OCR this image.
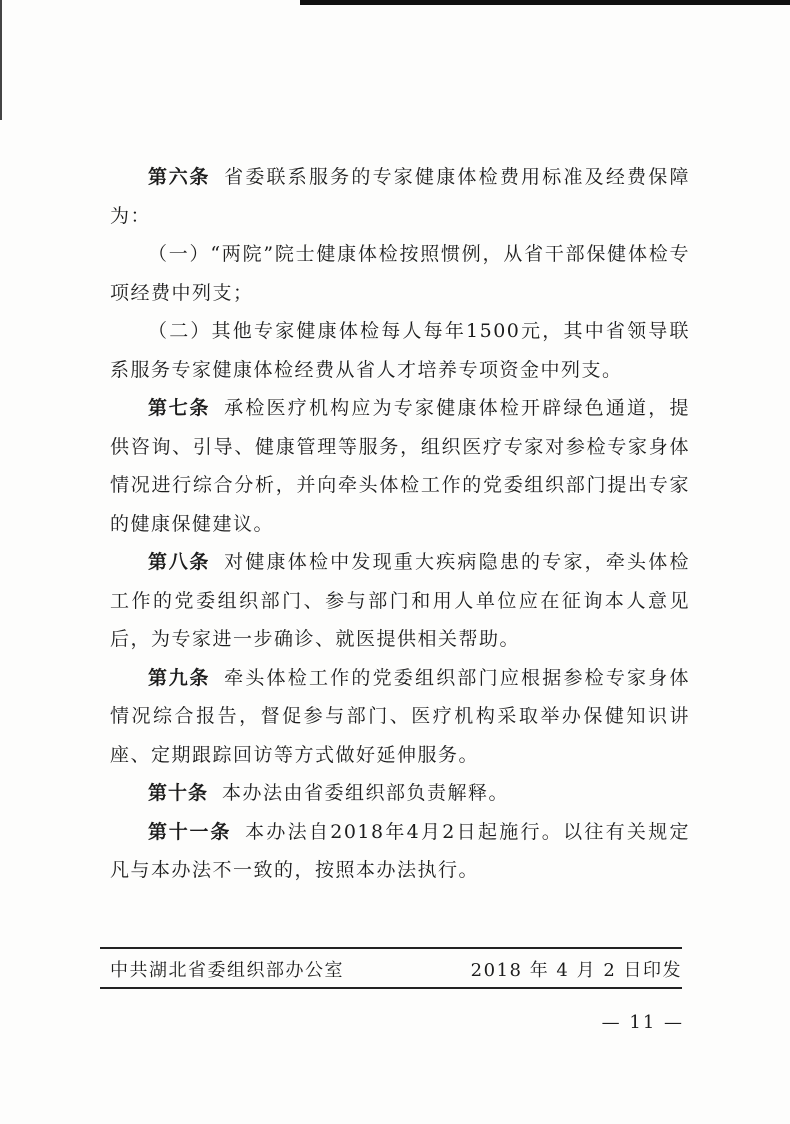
第六条 省委联系服务的专家健康体检费用标准及经费保障为：

（一）“两院”院士健康体检按照惯例，从省干部保健体检专项经费中列支；

（二）其他专家健康体检每人每年1500元，其中省领导联系服务专家健康体检经费从省人才培养专项资金中列支。

第七条 承检医疗机构应为专家健康体检开辟绿色通道，提供咨询、引导、健康管理等服务，组织医疗专家对参检专家身体情况进行综合分析，并向牵头体检工作的党委组织部门提出专家的健康保健建议。

第八条 对健康体检中发现重大疾病隐患的专家，牵头体检工作的党委组织部门、参与部门和用人单位应在征询本人意见后，为专家进一步确诊、就医提供相关帮助。

第九条 牵头体检工作的党委组织部门应根据参检专家身体情况综合报告，督促参与部门、医疗机构采取举办保健知识讲座、定期跟踪回访等方式做好延伸服务。

第十条 本办法由省委组织部负责解释。

第十一条 本办法自2018年4月2日起施行。以往有关规定凡与本办法不一致的，按照本办法执行。

中共湖北省委组织部办公室	2018 年 4 月 2 日印发
— 11 —
